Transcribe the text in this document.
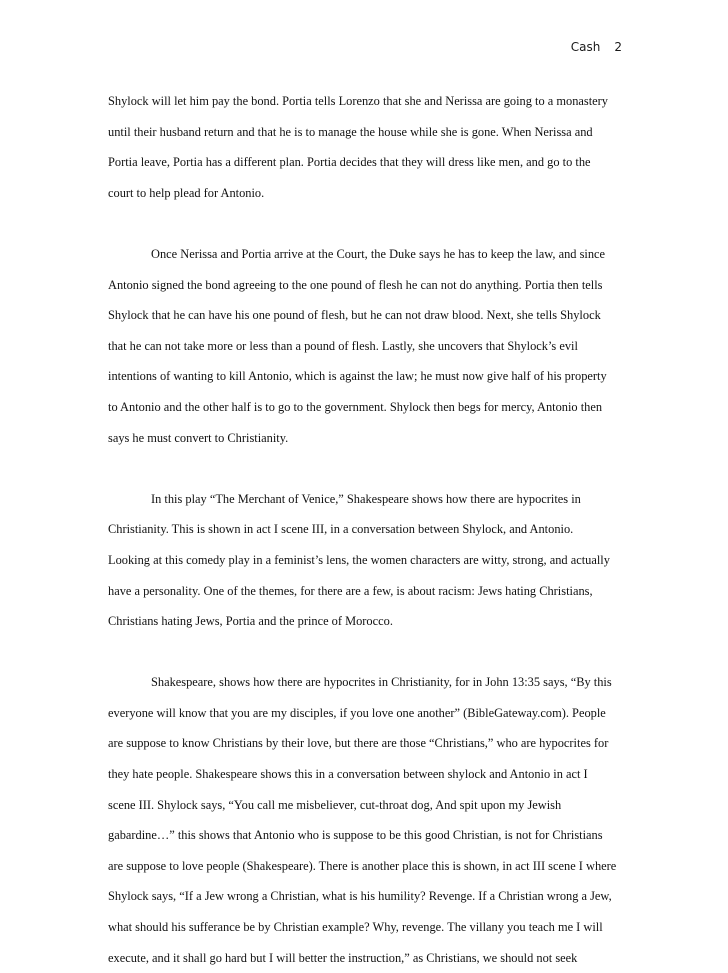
Cash 2
Shylock will let him pay the bond. Portia tells Lorenzo that she and Nerissa are going to a monastery
until their husband return and that he is to manage the house while she is gone. When Nerissa and
Portia leave, Portia has a different plan. Portia decides that they will dress like men, and go to the
court to help plead for Antonio.
Once Nerissa and Portia arrive at the Court, the Duke says he has to keep the law, and since
Antonio signed the bond agreeing to the one pound of flesh he can not do anything. Portia then tells
Shylock that he can have his one pound of flesh, but he can not draw blood. Next, she tells Shylock
that he can not take more or less than a pound of flesh. Lastly, she uncovers that Shylock’s evil
intentions of wanting to kill Antonio, which is against the law; he must now give half of his property
to Antonio and the other half is to go to the government. Shylock then begs for mercy, Antonio then
says he must convert to Christianity.
In this play “The Merchant of Venice,” Shakespeare shows how there are hypocrites in
Christianity. This is shown in act I scene III, in a conversation between Shylock, and Antonio.
Looking at this comedy play in a feminist’s lens, the women characters are witty, strong, and actually
have a personality. One of the themes, for there are a few, is about racism: Jews hating Christians,
Christians hating Jews, Portia and the prince of Morocco.
Shakespeare, shows how there are hypocrites in Christianity, for in John 13:35 says, “By this
everyone will know that you are my disciples, if you love one another” (BibleGateway.com). People
are suppose to know Christians by their love, but there are those “Christians,” who are hypocrites for
they hate people. Shakespeare shows this in a conversation between shylock and Antonio in act I
scene III. Shylock says, “You call me misbeliever, cut-throat dog, And spit upon my Jewish
gabardine…” this shows that Antonio who is suppose to be this good Christian, is not for Christians
are suppose to love people (Shakespeare). There is another place this is shown, in act III scene I where
Shylock says, “If a Jew wrong a Christian, what is his humility? Revenge. If a Christian wrong a Jew,
what should his sufferance be by Christian example? Why, revenge. The villany you teach me I will
execute, and it shall go hard but I will better the instruction,” as Christians, we should not seek
